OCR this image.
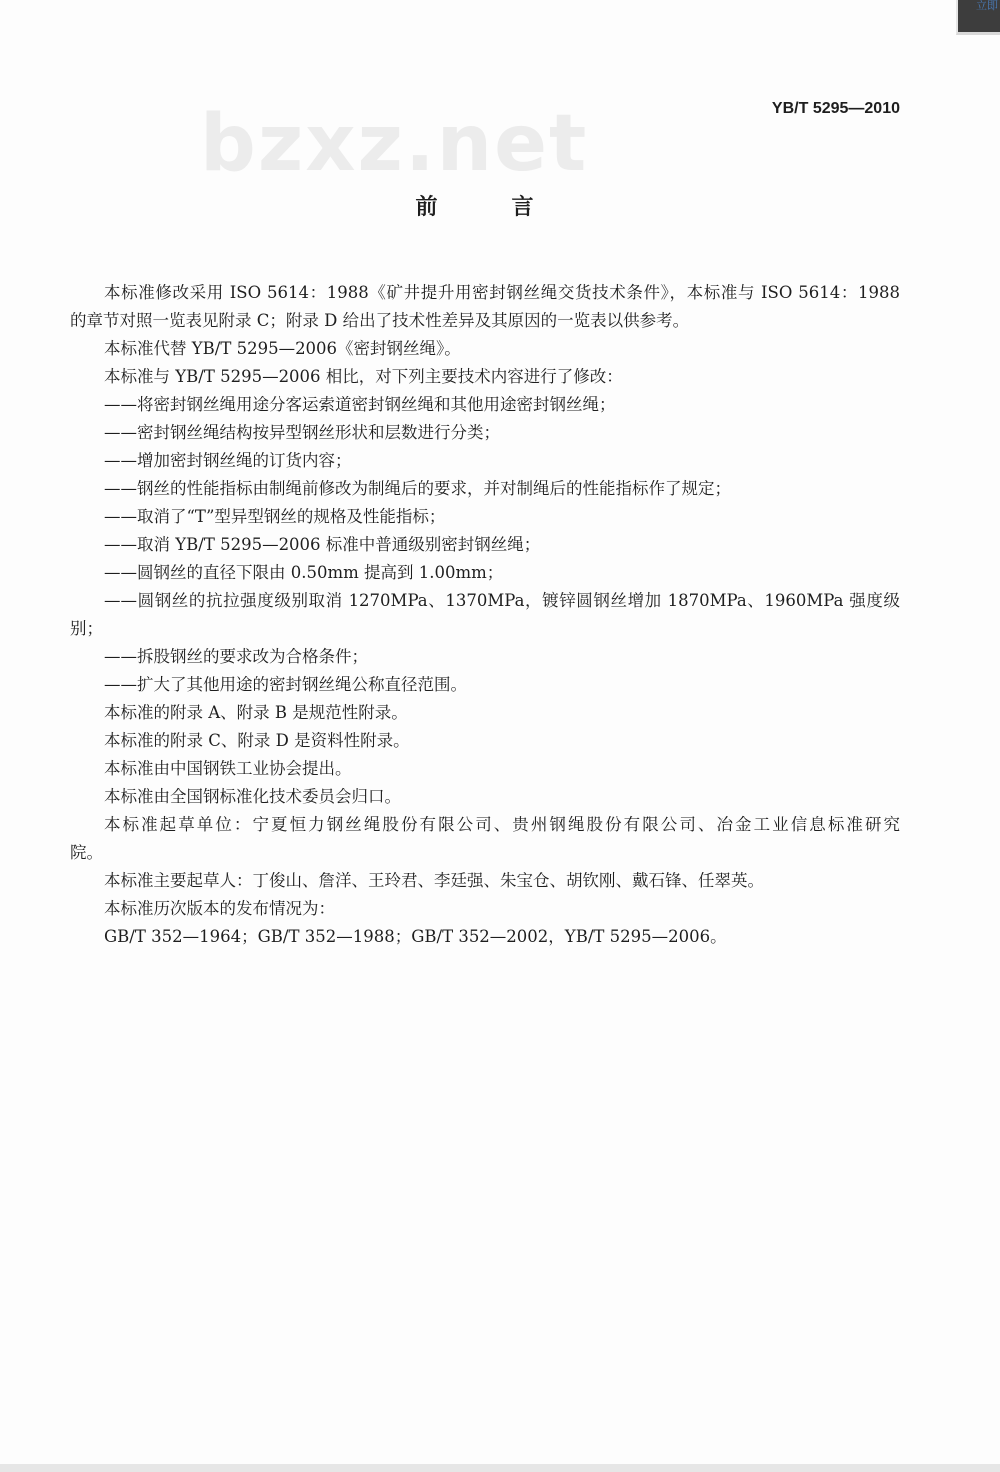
立即
bzxz.net	YB/T 5295—2010
前　言
本标准修改采用 ISO 5614：1988《矿井提升用密封钢丝绳交货技术条件》，本标准与 ISO 5614：1988
的章节对照一览表见附录 C；附录 D 给出了技术性差异及其原因的一览表以供参考。
本标准代替 YB/T 5295—2006《密封钢丝绳》。
本标准与 YB/T 5295—2006 相比，对下列主要技术内容进行了修改：
——将密封钢丝绳用途分客运索道密封钢丝绳和其他用途密封钢丝绳；
——密封钢丝绳结构按异型钢丝形状和层数进行分类；
——增加密封钢丝绳的订货内容；
——钢丝的性能指标由制绳前修改为制绳后的要求，并对制绳后的性能指标作了规定；
——取消了“T”型异型钢丝的规格及性能指标；
——取消 YB/T 5295—2006 标准中普通级别密封钢丝绳；
——圆钢丝的直径下限由 0.50mm 提高到 1.00mm；
——圆钢丝的抗拉强度级别取消 1270MPa、1370MPa，镀锌圆钢丝增加 1870MPa、1960MPa 强度级
别；
——拆股钢丝的要求改为合格条件；
——扩大了其他用途的密封钢丝绳公称直径范围。
本标准的附录 A、附录 B 是规范性附录。
本标准的附录 C、附录 D 是资料性附录。
本标准由中国钢铁工业协会提出。
本标准由全国钢标准化技术委员会归口。
本标准起草单位：宁夏恒力钢丝绳股份有限公司、贵州钢绳股份有限公司、冶金工业信息标准研究
院。
本标准主要起草人：丁俊山、詹洋、王玲君、李廷强、朱宝仓、胡钦刚、戴石锋、任翠英。
本标准历次版本的发布情况为：
GB/T 352—1964；GB/T 352—1988；GB/T 352—2002，YB/T 5295—2006。
